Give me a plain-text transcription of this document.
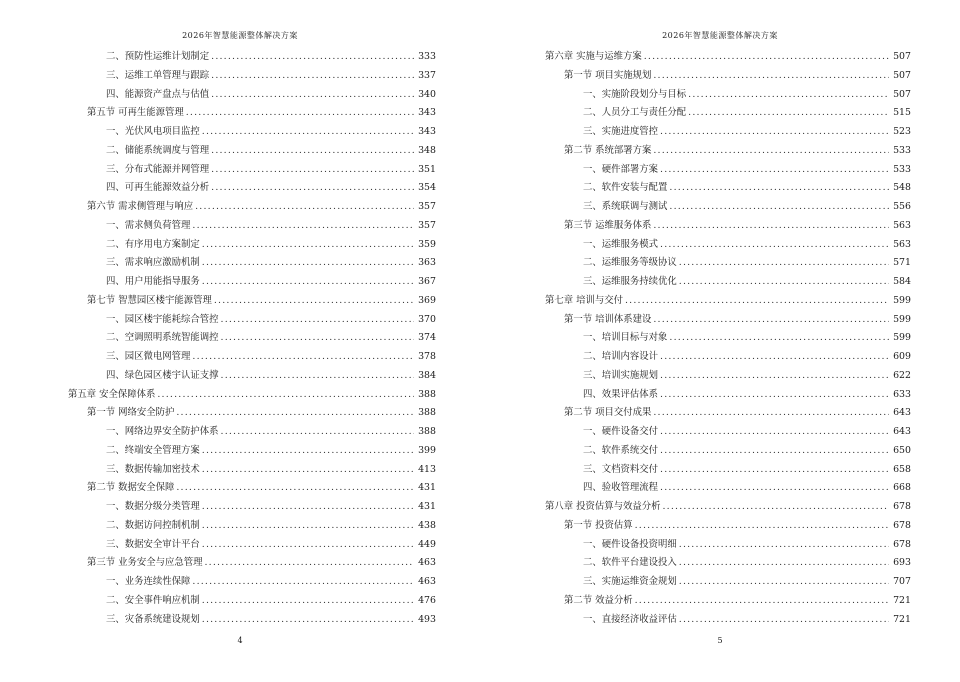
2026年智慧能源整体解决方案
二、预防性运维计划制定 .....	333
三、运维工单管理与跟踪 .....	337
四、能源资产盘点与估值 .....	340
第五节 可再生能源管理 .....	343
一、光伏风电项目监控 .....	343
二、储能系统调度与管理 .....	348
三、分布式能源并网管理 .....	351
四、可再生能源效益分析 .....	354
第六节 需求侧管理与响应 .....	357
一、需求侧负荷管理 .....	357
二、有序用电方案制定 .....	359
三、需求响应激励机制 .....	363
四、用户用能指导服务 .....	367
第七节 智慧园区楼宇能源管理 .....	369
一、园区楼宇能耗综合管控 .....	370
二、空调照明系统智能调控 .....	374
三、园区微电网管理 .....	378
四、绿色园区楼宇认证支撑 .....	384
第五章 安全保障体系 .....	388
第一节 网络安全防护 .....	388
一、网络边界安全防护体系 .....	388
二、终端安全管理方案 .....	399
三、数据传输加密技术 .....	413
第二节 数据安全保障 .....	431
一、数据分级分类管理 .....	431
二、数据访问控制机制 .....	438
三、数据安全审计平台 .....	449
第三节 业务安全与应急管理 .....	463
一、业务连续性保障 .....	463
二、安全事件响应机制 .....	476
三、灾备系统建设规划 .....	493
4
2026年智慧能源整体解决方案
第六章 实施与运维方案 .....	507
第一节 项目实施规划 .....	507
一、实施阶段划分与目标 .....	507
二、人员分工与责任分配 .....	515
三、实施进度管控 .....	523
第二节 系统部署方案 .....	533
一、硬件部署方案 .....	533
二、软件安装与配置 .....	548
三、系统联调与测试 .....	556
第三节 运维服务体系 .....	563
一、运维服务模式 .....	563
二、运维服务等级协议 .....	571
三、运维服务持续优化 .....	584
第七章 培训与交付 .....	599
第一节 培训体系建设 .....	599
一、培训目标与对象 .....	599
二、培训内容设计 .....	609
三、培训实施规划 .....	622
四、效果评估体系 .....	633
第二节 项目交付成果 .....	643
一、硬件设备交付 .....	643
二、软件系统交付 .....	650
三、文档资料交付 .....	658
四、验收管理流程 .....	668
第八章 投资估算与效益分析 .....	678
第一节 投资估算 .....	678
一、硬件设备投资明细 .....	678
二、软件平台建设投入 .....	693
三、实施运维资金规划 .....	707
第二节 效益分析 .....	721
一、直接经济收益评估 .....	721
5
